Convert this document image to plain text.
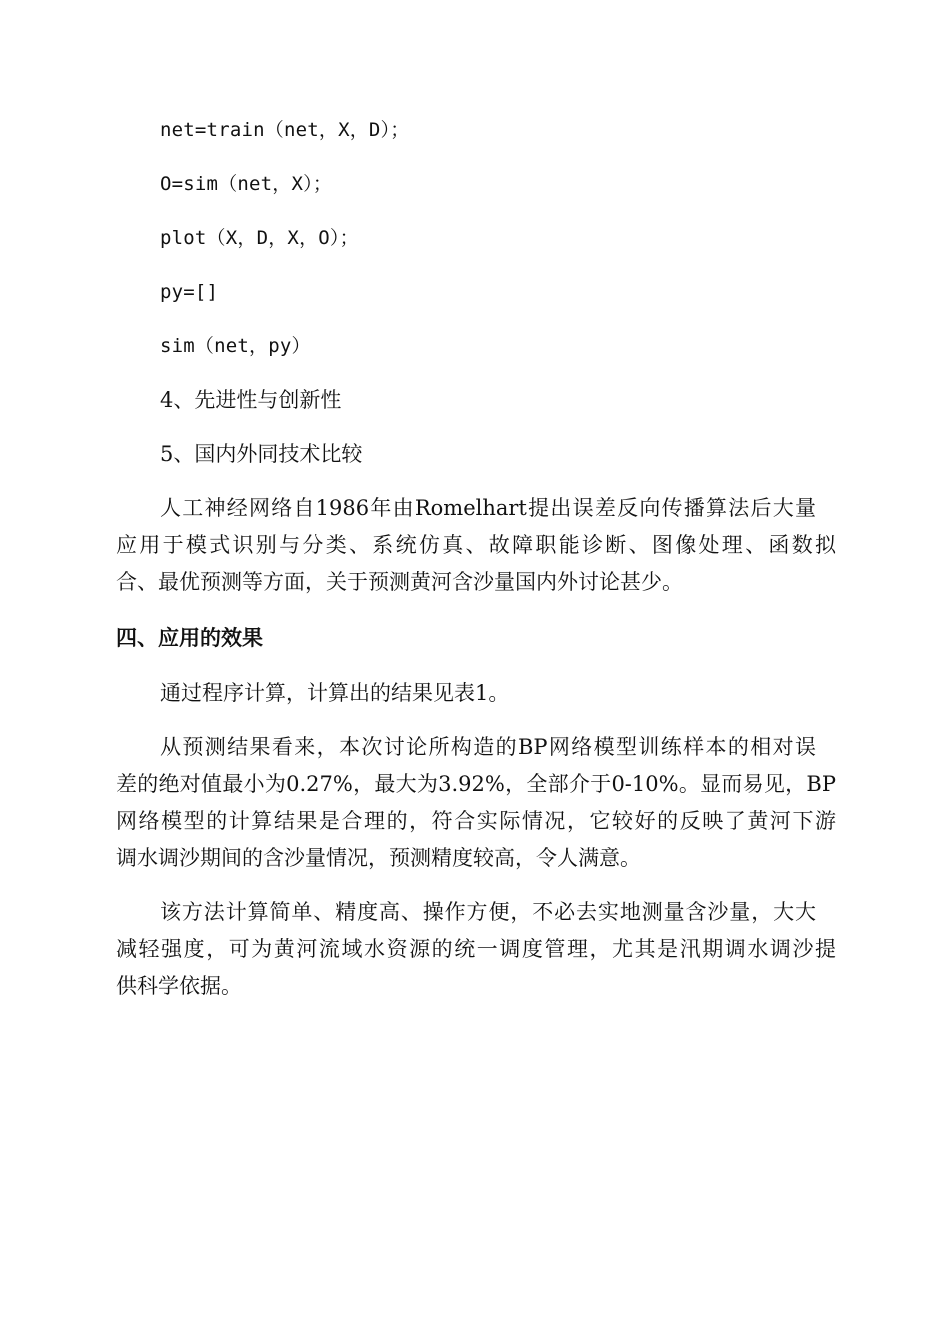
net=train（net，X，D）；

O=sim（net，X）；

plot（X，D，X，O）；

py=[]

sim（net，py）

4、先进性与创新性

5、国内外同技术比较

人工神经网络自1986年由Romelhart提出误差反向传播算法后大量

应用于模式识别与分类、系统仿真、故障职能诊断、图像处理、函数拟

合、最优预测等方面，关于预测黄河含沙量国内外讨论甚少。

四、应用的效果

通过程序计算，计算出的结果见表1。

从预测结果看来，本次讨论所构造的BP网络模型训练样本的相对误

差的绝对值最小为0.27%，最大为3.92%，全部介于0-10%。显而易见，BP

网络模型的计算结果是合理的，符合实际情况，它较好的反映了黄河下游

调水调沙期间的含沙量情况，预测精度较高，令人满意。

该方法计算简单、精度高、操作方便，不必去实地测量含沙量，大大

减轻强度，可为黄河流域水资源的统一调度管理，尤其是汛期调水调沙提

供科学依据。
